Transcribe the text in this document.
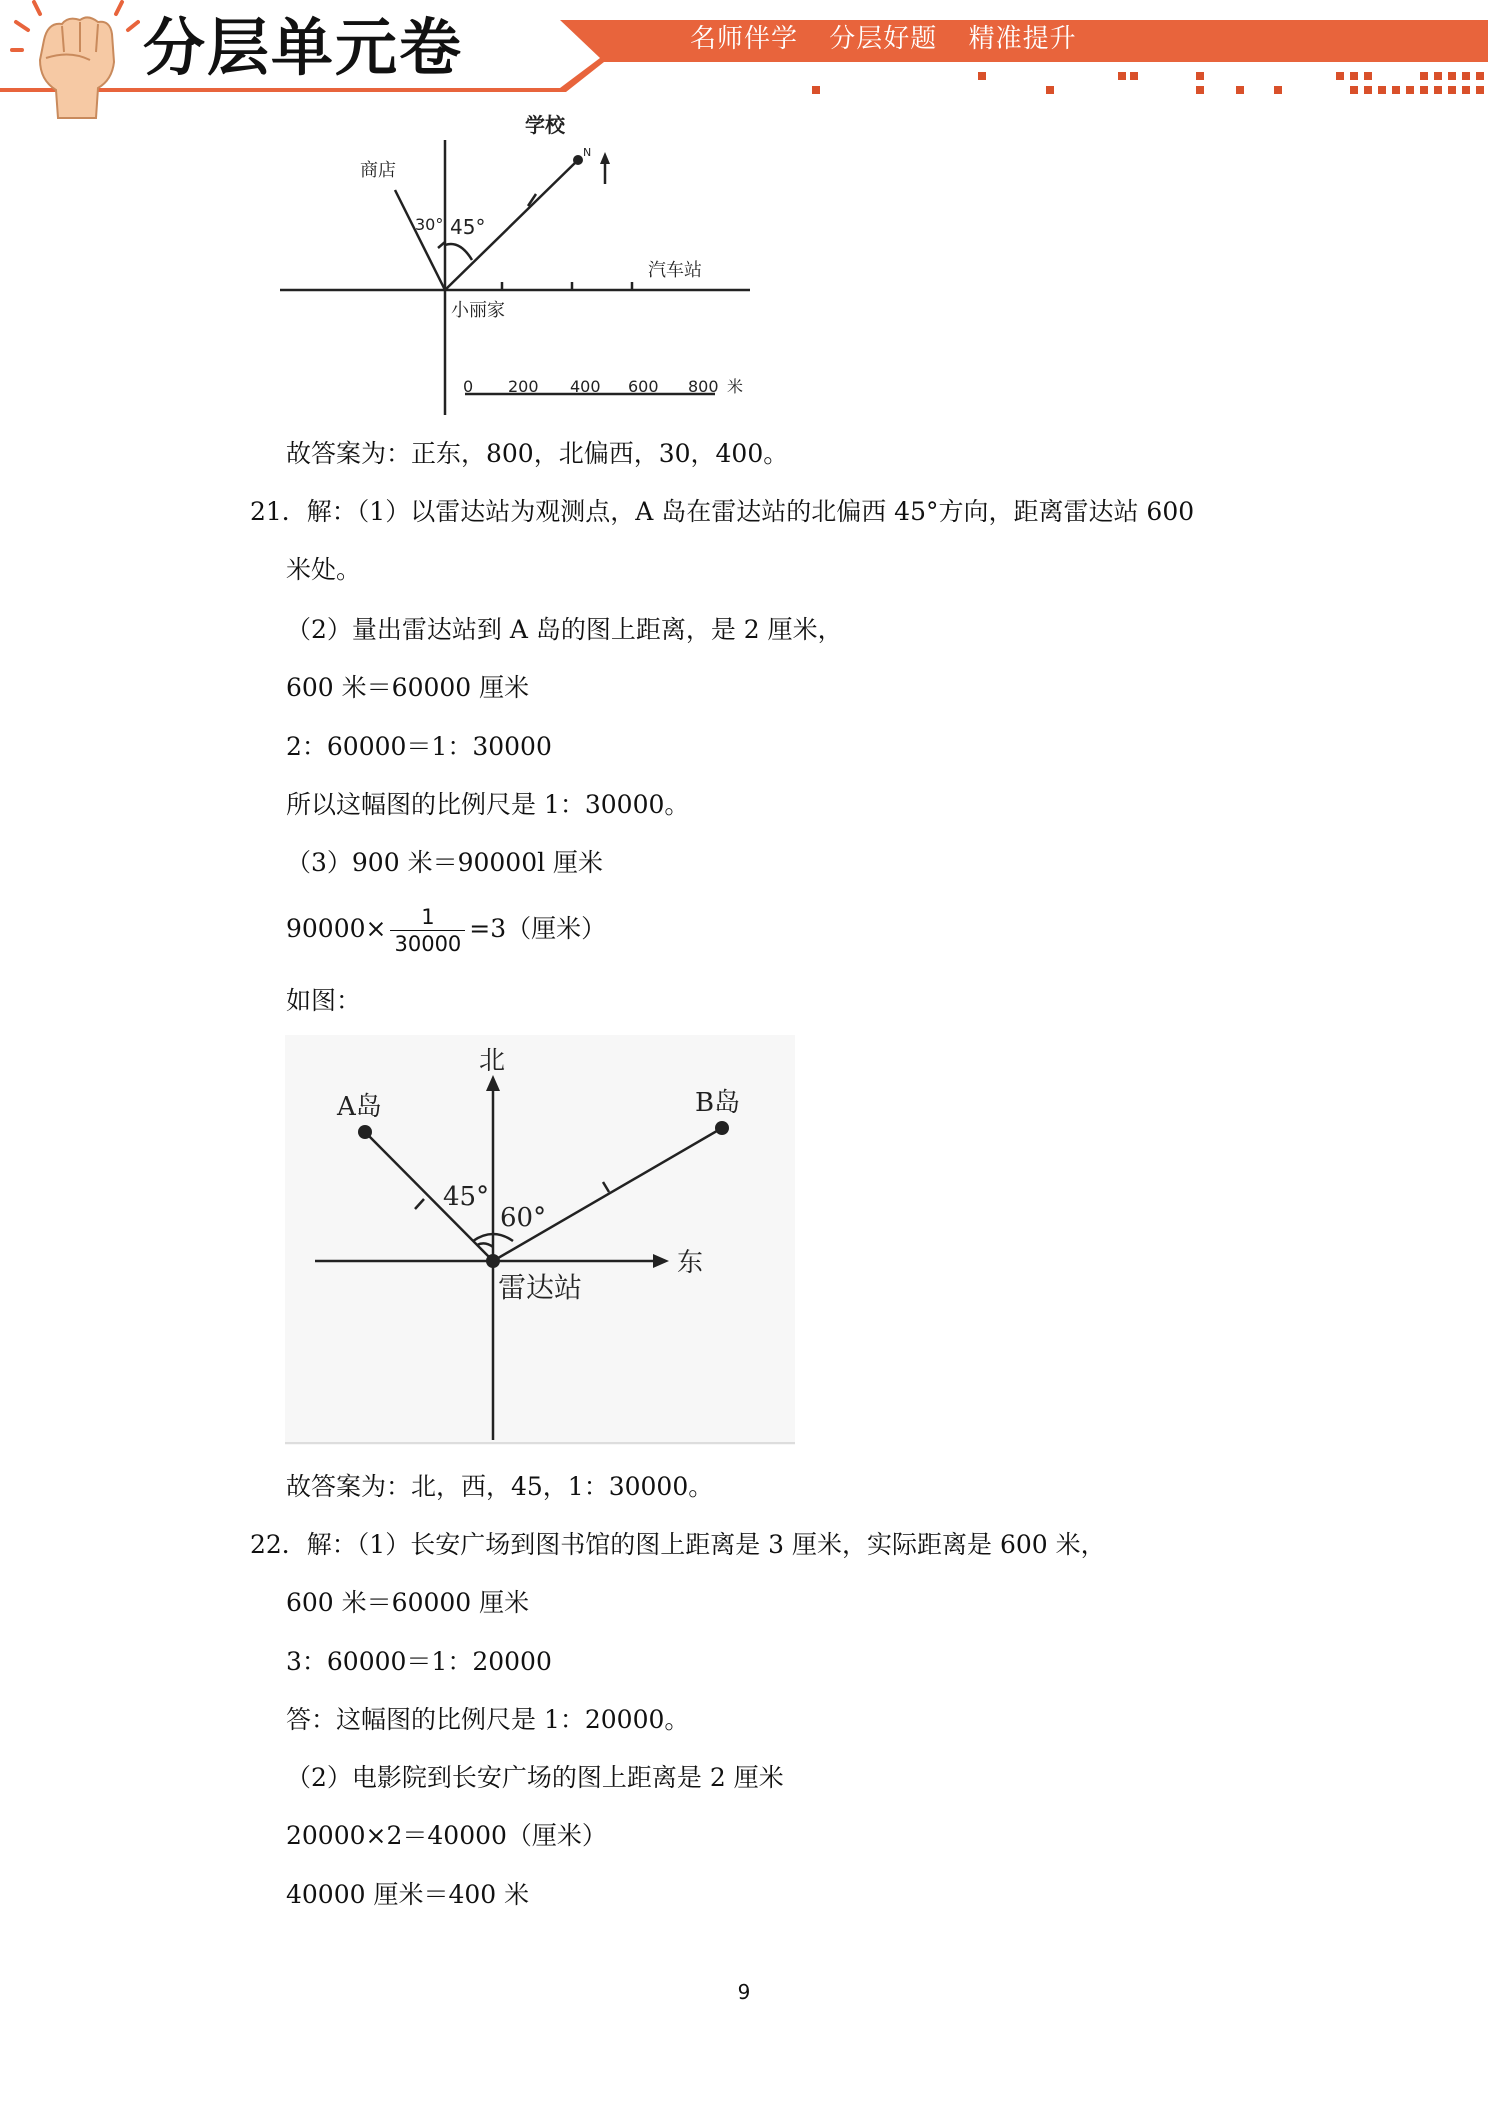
分层单元卷	名师伴学 分层好题 精准提升
学校
N
商店
30° 45°
汽车站
小丽家
0 200 400 600 800 米
故答案为：正东，800，北偏西，30，400。
21．解：（1）以雷达站为观测点，A 岛在雷达站的北偏西 45°方向，距离雷达站 600
米处。
（2）量出雷达站到 A 岛的图上距离，是 2 厘米，
600 米＝60000 厘米
2：60000＝1：30000
所以这幅图的比例尺是 1：30000。
（3）900 米＝90000l 厘米
$90000\times \frac{1}{30000} =3$（厘米）
如图：
北
东
A岛	B岛
45°
60°
雷达站
故答案为：北，西，45，1：30000。
22．解：（1）长安广场到图书馆的图上距离是 3 厘米，实际距离是 600 米，
600 米＝60000 厘米
3：60000＝1：20000
答：这幅图的比例尺是 1：20000。
（2）电影院到长安广场的图上距离是 2 厘米
20000×2＝40000（厘米）
40000 厘米＝400 米
9
